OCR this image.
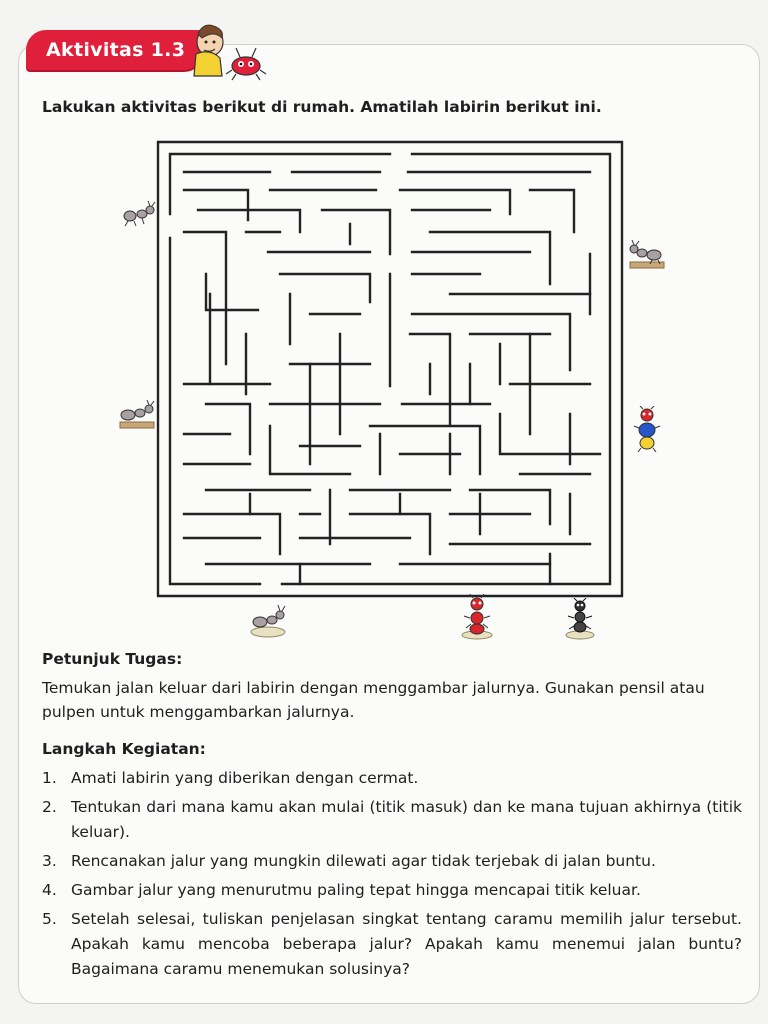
Aktivitas 1.3
Lakukan aktivitas berikut di rumah. Amatilah labirin berikut ini.
Petunjuk Tugas:
Temukan jalan keluar dari labirin dengan menggambar jalurnya. Gunakan pensil atau pulpen untuk menggambarkan jalurnya.
Langkah Kegiatan:
1. Amati labirin yang diberikan dengan cermat.
2. Tentukan dari mana kamu akan mulai (titik masuk) dan ke mana tujuan akhirnya (titik keluar).
3. Rencanakan jalur yang mungkin dilewati agar tidak terjebak di jalan buntu.
4. Gambar jalur yang menurutmu paling tepat hingga mencapai titik keluar.
5. Setelah selesai, tuliskan penjelasan singkat tentang caramu memilih jalur tersebut. Apakah kamu mencoba beberapa jalur? Apakah kamu menemui jalan buntu? Bagaimana caramu menemukan solusinya?
